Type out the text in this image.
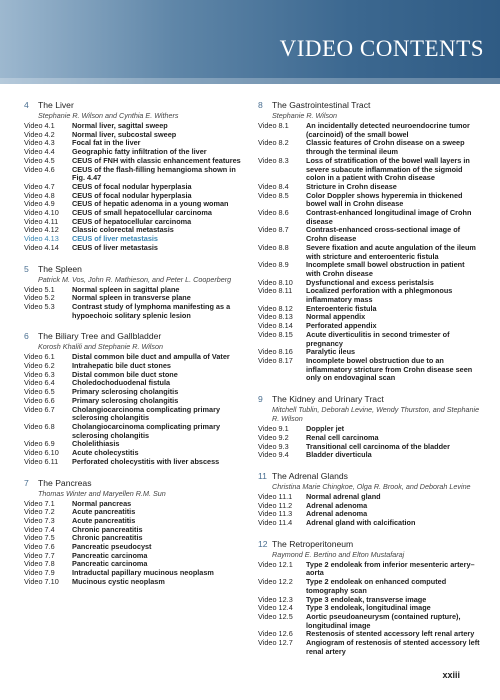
VIDEO CONTENTS
4 The Liver
Stephanie R. Wilson and Cynthia E. Withers
Video 4.1	Normal liver, sagittal sweep
Video 4.2	Normal liver, subcostal sweep
Video 4.3	Focal fat in the liver
Video 4.4	Geographic fatty infiltration of the liver
Video 4.5	CEUS of FNH with classic enhancement features
Video 4.6	CEUS of the flash-filling hemangioma shown in Fig. 4.47
Video 4.7	CEUS of focal nodular hyperplasia
Video 4.8	CEUS of focal nodular hyperplasia
Video 4.9	CEUS of hepatic adenoma in a young woman
Video 4.10	CEUS of small hepatocellular carcinoma
Video 4.11	CEUS of hepatocellular carcinoma
Video 4.12	Classic colorectal metastasis
Video 4.13	CEUS of liver metastasis
Video 4.14	CEUS of liver metastasis
5 The Spleen
Patrick M. Vos, John R. Mathieson, and Peter L. Cooperberg
Video 5.1	Normal spleen in sagittal plane
Video 5.2	Normal spleen in transverse plane
Video 5.3	Contrast study of lymphoma manifesting as a hypoechoic solitary splenic lesion
6 The Biliary Tree and Gallbladder
Korosh Khalili and Stephanie R. Wilson
Video 6.1	Distal common bile duct and ampulla of Vater
Video 6.2	Intrahepatic bile duct stones
Video 6.3	Distal common bile duct stone
Video 6.4	Choledochoduodenal fistula
Video 6.5	Primary sclerosing cholangitis
Video 6.6	Primary sclerosing cholangitis
Video 6.7	Cholangiocarcinoma complicating primary sclerosing cholangitis
Video 6.8	Cholangiocarcinoma complicating primary sclerosing cholangitis
Video 6.9	Cholelithiasis
Video 6.10	Acute cholecystitis
Video 6.11	Perforated cholecystitis with liver abscess
7 The Pancreas
Thomas Winter and Maryellen R.M. Sun
Video 7.1	Normal pancreas
Video 7.2	Acute pancreatitis
Video 7.3	Acute pancreatitis
Video 7.4	Chronic pancreatitis
Video 7.5	Chronic pancreatitis
Video 7.6	Pancreatic pseudocyst
Video 7.7	Pancreatic carcinoma
Video 7.8	Pancreatic carcinoma
Video 7.9	Intraductal papillary mucinous neoplasm
Video 7.10	Mucinous cystic neoplasm
8 The Gastrointestinal Tract
Stephanie R. Wilson
Video 8.1	An incidentally detected neuroendocrine tumor (carcinoid) of the small bowel
Video 8.2	Classic features of Crohn disease on a sweep through the terminal ileum
Video 8.3	Loss of stratification of the bowel wall layers in severe subacute inflammation of the sigmoid colon in a patient with Crohn disease
Video 8.4	Stricture in Crohn disease
Video 8.5	Color Doppler shows hyperemia in thickened bowel wall in Crohn disease
Video 8.6	Contrast-enhanced longitudinal image of Crohn disease
Video 8.7	Contrast-enhanced cross-sectional image of Crohn disease
Video 8.8	Severe fixation and acute angulation of the ileum with stricture and enteroenteric fistula
Video 8.9	Incomplete small bowel obstruction in patient with Crohn disease
Video 8.10	Dysfunctional and excess peristalsis
Video 8.11	Localized perforation with a phlegmonous inflammatory mass
Video 8.12	Enteroenteric fistula
Video 8.13	Normal appendix
Video 8.14	Perforated appendix
Video 8.15	Acute diverticulitis in second trimester of pregnancy
Video 8.16	Paralytic ileus
Video 8.17	Incomplete bowel obstruction due to an inflammatory stricture from Crohn disease seen only on endovaginal scan
9 The Kidney and Urinary Tract
Mitchell Tublin, Deborah Levine, Wendy Thurston, and Stephanie R. Wilson
Video 9.1	Doppler jet
Video 9.2	Renal cell carcinoma
Video 9.3	Transitional cell carcinoma of the bladder
Video 9.4	Bladder diverticula
11 The Adrenal Glands
Christina Marie Chingkoe, Olga R. Brook, and Deborah Levine
Video 11.1	Normal adrenal gland
Video 11.2	Adrenal adenoma
Video 11.3	Adrenal adenoma
Video 11.4	Adrenal gland with calcification
12 The Retroperitoneum
Raymond E. Bertino and Elton Mustafaraj
Video 12.1	Type 2 endoleak from inferior mesenteric artery–aorta
Video 12.2	Type 2 endoleak on enhanced computed tomography scan
Video 12.3	Type 3 endoleak, transverse image
Video 12.4	Type 3 endoleak, longitudinal image
Video 12.5	Aortic pseudoaneurysm (contained rupture), longitudinal image
Video 12.6	Restenosis of stented accessory left renal artery
Video 12.7	Angiogram of restenosis of stented accessory left renal artery
xxiii
